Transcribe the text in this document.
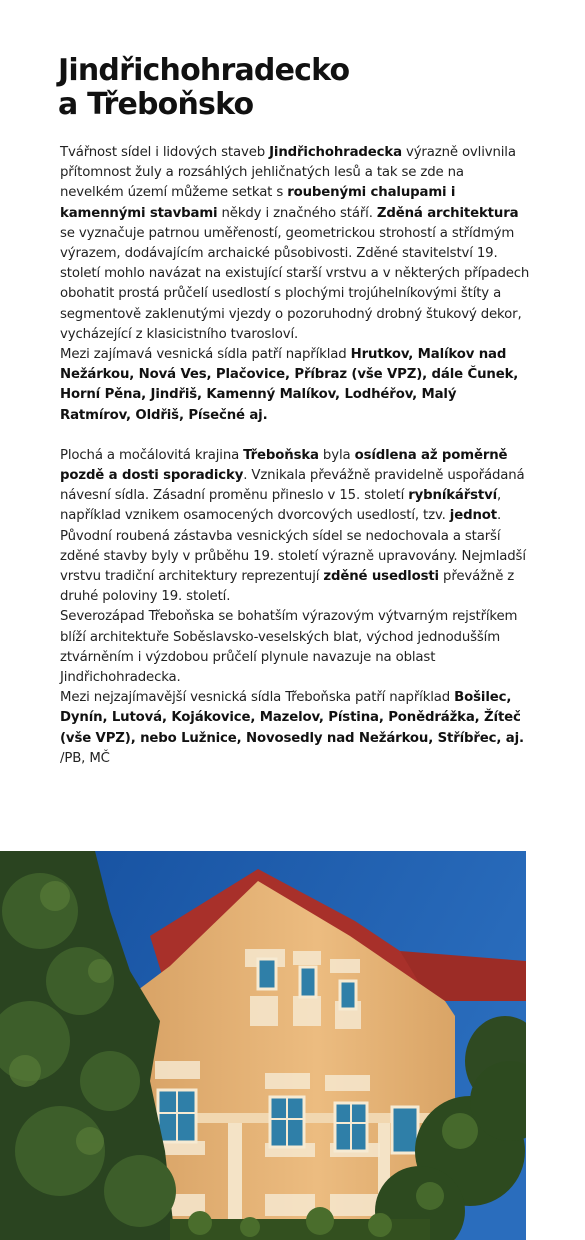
Jindřichohradecko
a Třeboňsko

Tvářnost sídel i lidových staveb Jindřichohradecka výrazně ovlivnila přítomnost žuly a rozsáhlých jehličnatých lesů a tak se zde na nevelkém území můžeme setkat s roubenými chalupami i kamennými stavbami někdy i značného stáří. Zděná architektura se vyznačuje patrnou uměřeností, geometrickou strohostí a střídmým výrazem, dodávajícím archaické působivosti. Zděné stavitelství 19. století mohlo navázat na existující starší vrstvu a v některých případech obohatit prostá průčelí usedlostí s plochými trojúhelníkovými štíty a segmentově zaklenutými vjezdy o pozoruhodný drobný štukový dekor, vycházející z klasicistního tvarosloví.

Mezi zajímavá vesnická sídla patří například Hrutkov, Malíkov nad Nežárkou, Nová Ves, Plačovice, Příbraz (vše VPZ), dále Čunek, Horní Pěna, Jindřiš, Kamenný Malíkov, Lodhéřov, Malý Ratmírov, Oldřiš, Písečné aj.

Plochá a močálovitá krajina Třeboňska byla osídlena až poměrně pozdě a dosti sporadicky. Vznikala převážně pravidelně uspořádaná návesní sídla. Zásadní proměnu přineslo v 15. století rybníkářství, například vznikem osamocených dvorcových usedlostí, tzv. jednot. Původní roubená zástavba vesnických sídel se nedochovala a starší zděné stavby byly v průběhu 19. století výrazně upravovány. Nejmladší vrstvu tradiční architektury reprezentují zděné usedlosti převážně z druhé poloviny 19. století.

Severozápad Třeboňska se bohatším výrazovým výtvarným rejstříkem blíží architektuře Soběslavsko-veselských blat, východ jednodušším ztvárněním i výzdobou průčelí plynule navazuje na oblast Jindřichohradecka.

Mezi nejzajímavější vesnická sídla Třeboňska patří například Bošilec, Dynín, Lutová, Kojákovice, Mazelov, Pístina, Ponědrážka, Žíteč (vše VPZ), nebo Lužnice, Novosedly nad Nežárkou, Stříbřec, aj. /PB, MČ
